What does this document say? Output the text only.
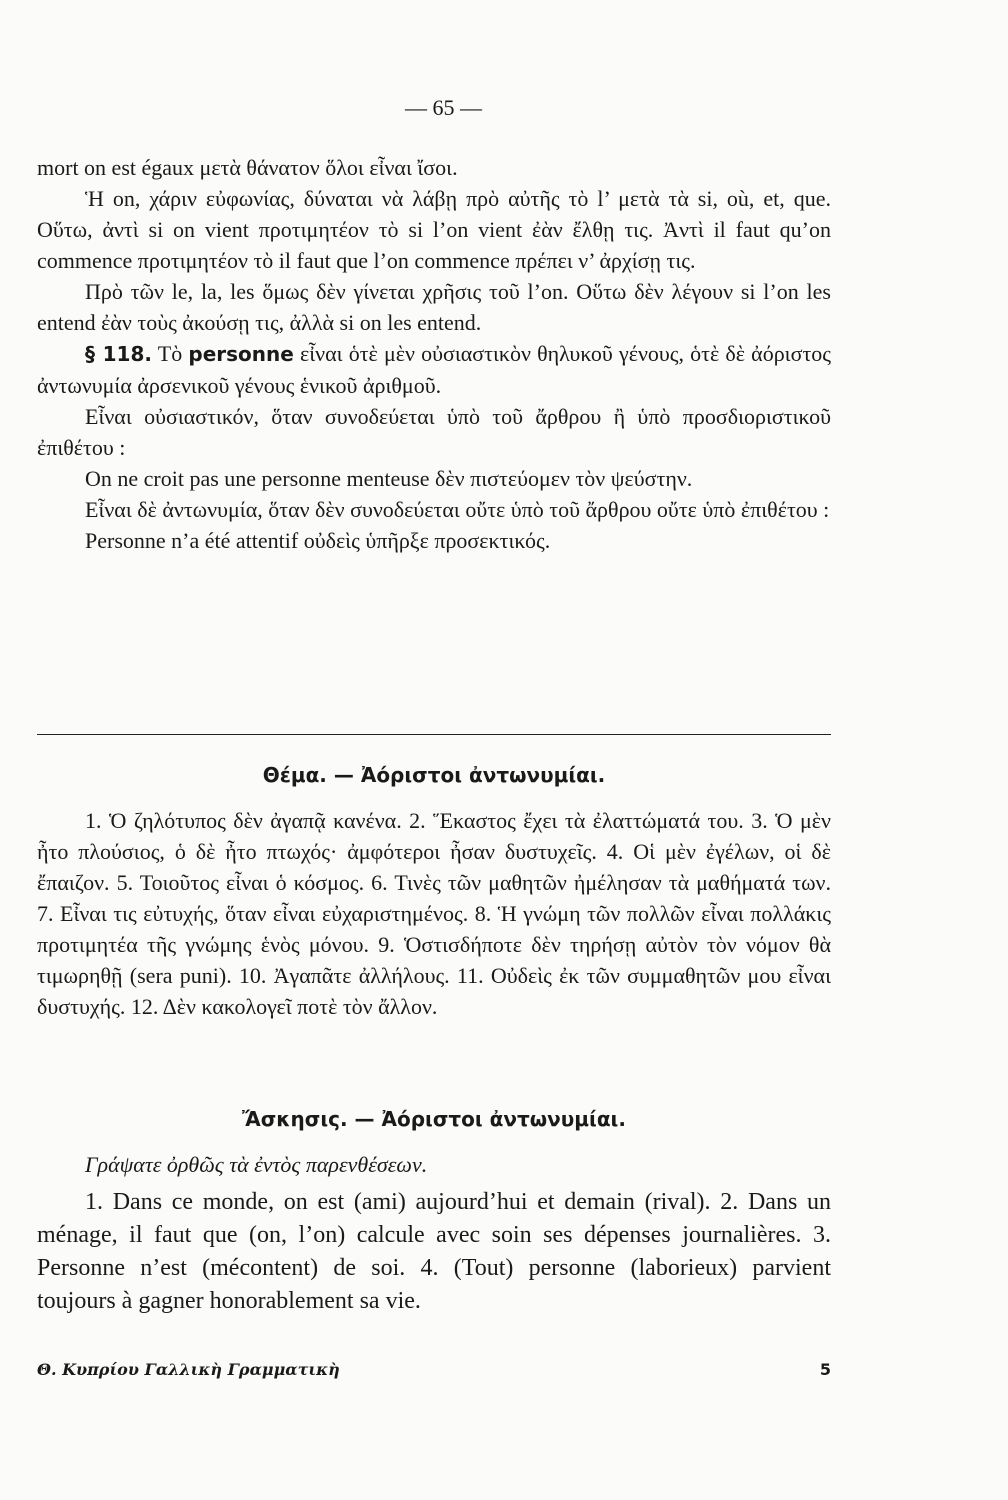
— 65 —

mort on est égaux μετὰ θάνατον ὅλοι εἶναι ἴσοι.

Ἡ on, χάριν εὐφωνίας, δύναται νὰ λάβῃ πρὸ αὐτῆς τὸ l’ μετὰ τὰ si, où, et, que. Οὕτω, ἀντὶ si on vient προτιμητέον τὸ si l’on vient ἐὰν ἔλθῃ τις. Ἀντὶ il faut qu’on commence προτιμητέον τὸ il faut que l’on commence πρέπει ν’ ἀρχίσῃ τις.

Πρὸ τῶν le, la, les ὅμως δὲν γίνεται χρῆσις τοῦ l’on. Οὕτω δὲν λέγουν si l’on les entend ἐὰν τοὺς ἀκούσῃ τις, ἀλλὰ si on les entend.

§ 118. Τὸ personne εἶναι ὁτὲ μὲν οὐσιαστικὸν θηλυκοῦ γένους, ὁτὲ δὲ ἀόριστος ἀντωνυμία ἀρσενικοῦ γένους ἑνικοῦ ἀριθμοῦ.

Εἶναι οὐσιαστικόν, ὅταν συνοδεύεται ὑπὸ τοῦ ἄρθρου ἢ ὑπὸ προσδιοριστικοῦ ἐπιθέτου :

On ne croit pas une personne menteuse δὲν πιστεύομεν τὸν ψεύστην.

Εἶναι δὲ ἀντωνυμία, ὅταν δὲν συνοδεύεται οὔτε ὑπὸ τοῦ ἄρθρου οὔτε ὑπὸ ἐπιθέτου :

Personne n’a été attentif οὐδεὶς ὑπῆρξε προσεκτικός.

Θέμα. — Ἀόριστοι ἀντωνυμίαι.

1. Ὁ ζηλότυπος δὲν ἀγαπᾷ κανένα. 2. Ἕκαστος ἔχει τὰ ἐλαττώματά του. 3. Ὁ μὲν ἦτο πλούσιος, ὁ δὲ ἦτο πτωχός· ἀμφότεροι ἦσαν δυστυχεῖς. 4. Οἱ μὲν ἐγέλων, οἱ δὲ ἔπαιζον. 5. Τοιοῦτος εἶναι ὁ κόσμος. 6. Τινὲς τῶν μαθητῶν ἠμέλησαν τὰ μαθήματά των. 7. Εἶναι τις εὐτυχής, ὅταν εἶναι εὐχαριστημένος. 8. Ἡ γνώμη τῶν πολλῶν εἶναι πολλάκις προτιμητέα τῆς γνώμης ἑνὸς μόνου. 9. Ὁστισδήποτε δὲν τηρήσῃ αὐτὸν τὸν νόμον θὰ τιμωρηθῇ (sera puni). 10. Ἀγαπᾶτε ἀλλήλους. 11. Οὐδεὶς ἐκ τῶν συμμαθητῶν μου εἶναι δυστυχής. 12. Δὲν κακολογεῖ ποτὲ τὸν ἄλλον.

Ἄσκησις. — Ἀόριστοι ἀντωνυμίαι.

Γράψατε ὀρθῶς τὰ ἐντὸς παρενθέσεων.

1. Dans ce monde, on est (ami) aujourd’hui et demain (rival). 2. Dans un ménage, il faut que (on, l’on) calcule avec soin ses dépenses journalières. 3. Personne n’est (mécontent) de soi. 4. (Tout) personne (laborieux) parvient toujours à gagner honorablement sa vie.

Θ. Κυπρίου Γαλλικὴ Γραμματικὴ	5
